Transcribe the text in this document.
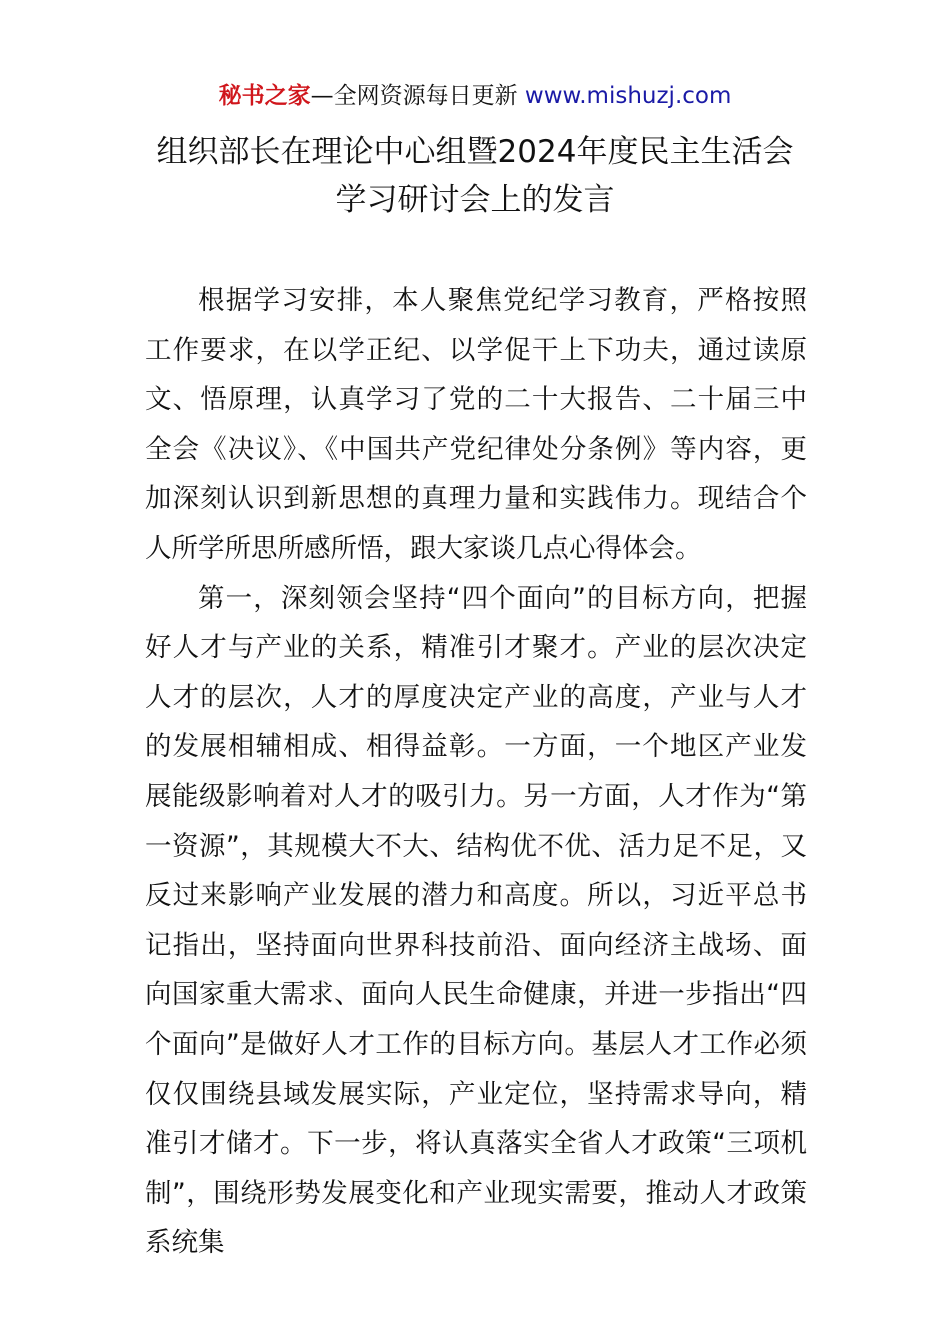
秘书之家—全网资源每日更新 www.mishuzj.com
组织部长在理论中心组暨2024年度民主生活会
学习研讨会上的发言

根据学习安排，本人聚焦党纪学习教育，严格按照工作要求，在以学正纪、以学促干上下功夫，通过读原文、悟原理，认真学习了党的二十大报告、二十届三中全会《决议》、《中国共产党纪律处分条例》等内容，更加深刻认识到新思想的真理力量和实践伟力。现结合个人所学所思所感所悟，跟大家谈几点心得体会。

第一，深刻领会坚持“四个面向”的目标方向，把握好人才与产业的关系，精准引才聚才。产业的层次决定人才的层次，人才的厚度决定产业的高度，产业与人才的发展相辅相成、相得益彰。一方面，一个地区产业发展能级影响着对人才的吸引力。另一方面，人才作为“第一资源”，其规模大不大、结构优不优、活力足不足，又反过来影响产业发展的潜力和高度。所以，习近平总书记指出，坚持面向世界科技前沿、面向经济主战场、面向国家重大需求、面向人民生命健康，并进一步指出“四个面向”是做好人才工作的目标方向。基层人才工作必须仅仅围绕县域发展实际，产业定位，坚持需求导向，精准引才储才。下一步，将认真落实全省人才政策“三项机制”，围绕形势发展变化和产业现实需要，推动人才政策系统集
